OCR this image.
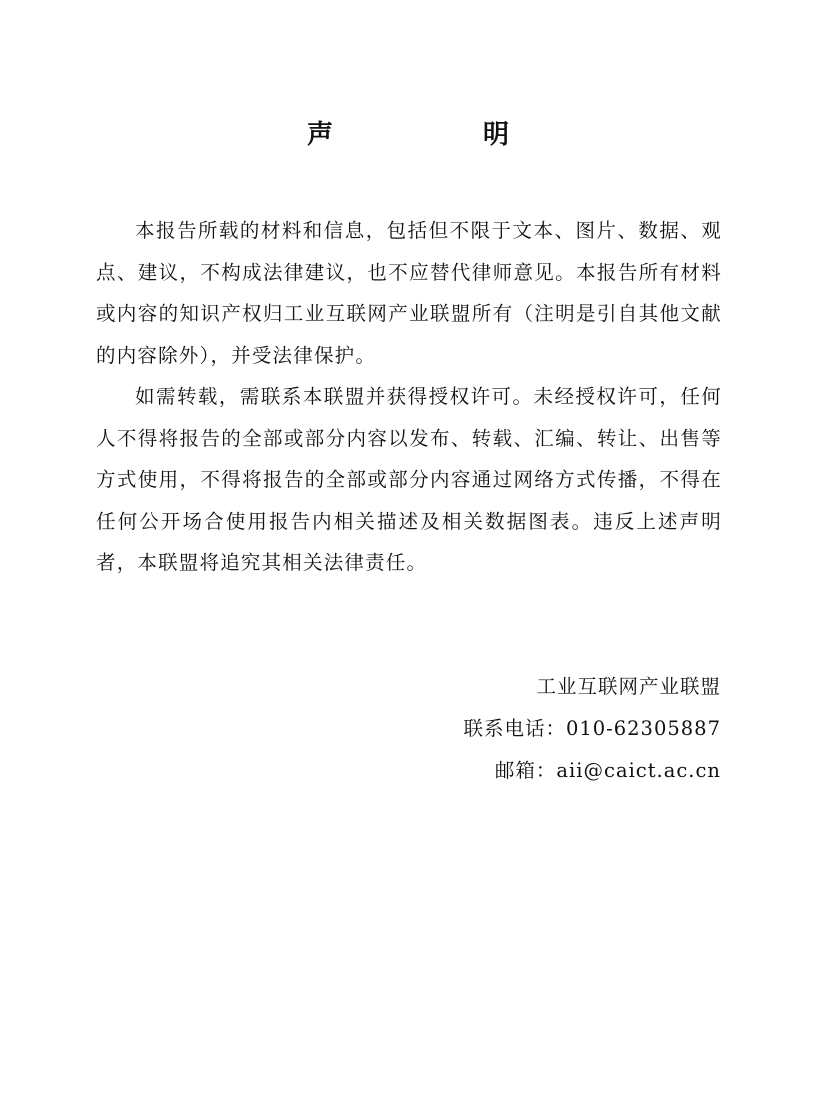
声　明

本报告所载的材料和信息，包括但不限于文本、图片、数据、观点、建议，不构成法律建议，也不应替代律师意见。本报告所有材料或内容的知识产权归工业互联网产业联盟所有（注明是引自其他文献的内容除外），并受法律保护。

如需转载，需联系本联盟并获得授权许可。未经授权许可，任何人不得将报告的全部或部分内容以发布、转载、汇编、转让、出售等方式使用，不得将报告的全部或部分内容通过网络方式传播，不得在任何公开场合使用报告内相关描述及相关数据图表。违反上述声明者，本联盟将追究其相关法律责任。

工业互联网产业联盟
联系电话：010-62305887
邮箱：aii@caict.ac.cn
